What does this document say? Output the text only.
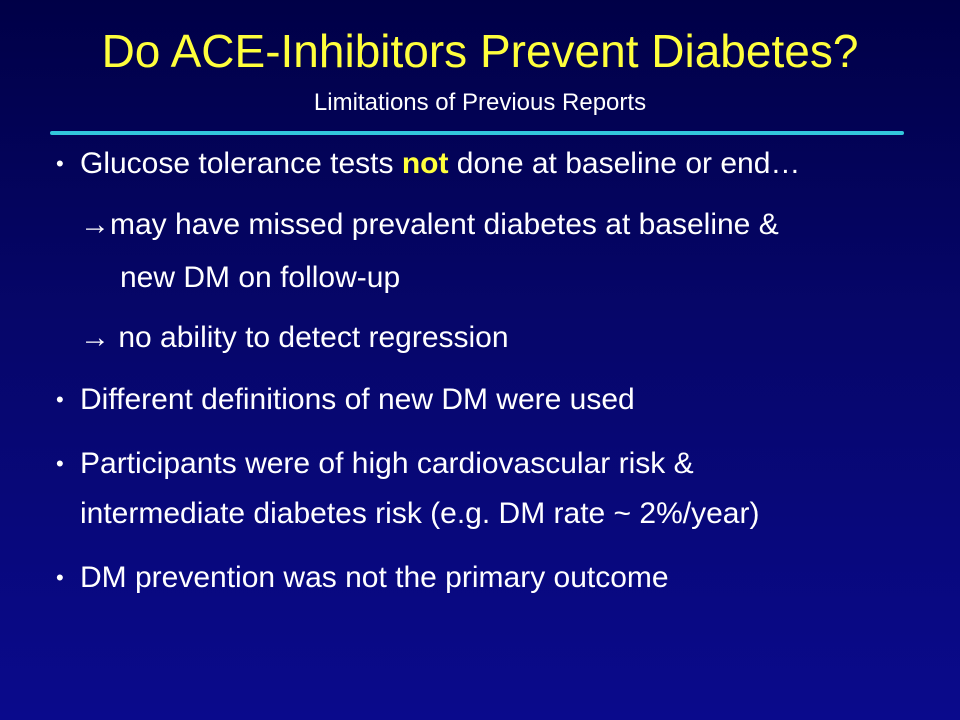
Do ACE-Inhibitors Prevent Diabetes?
Limitations of Previous Reports
• Glucose tolerance tests not done at baseline or end…
→may have missed prevalent diabetes at baseline &
new DM on follow-up
→ no ability to detect regression
• Different definitions of new DM were used
• Participants were of high cardiovascular risk &
intermediate diabetes risk (e.g. DM rate ~ 2%/year)
• DM prevention was not the primary outcome
